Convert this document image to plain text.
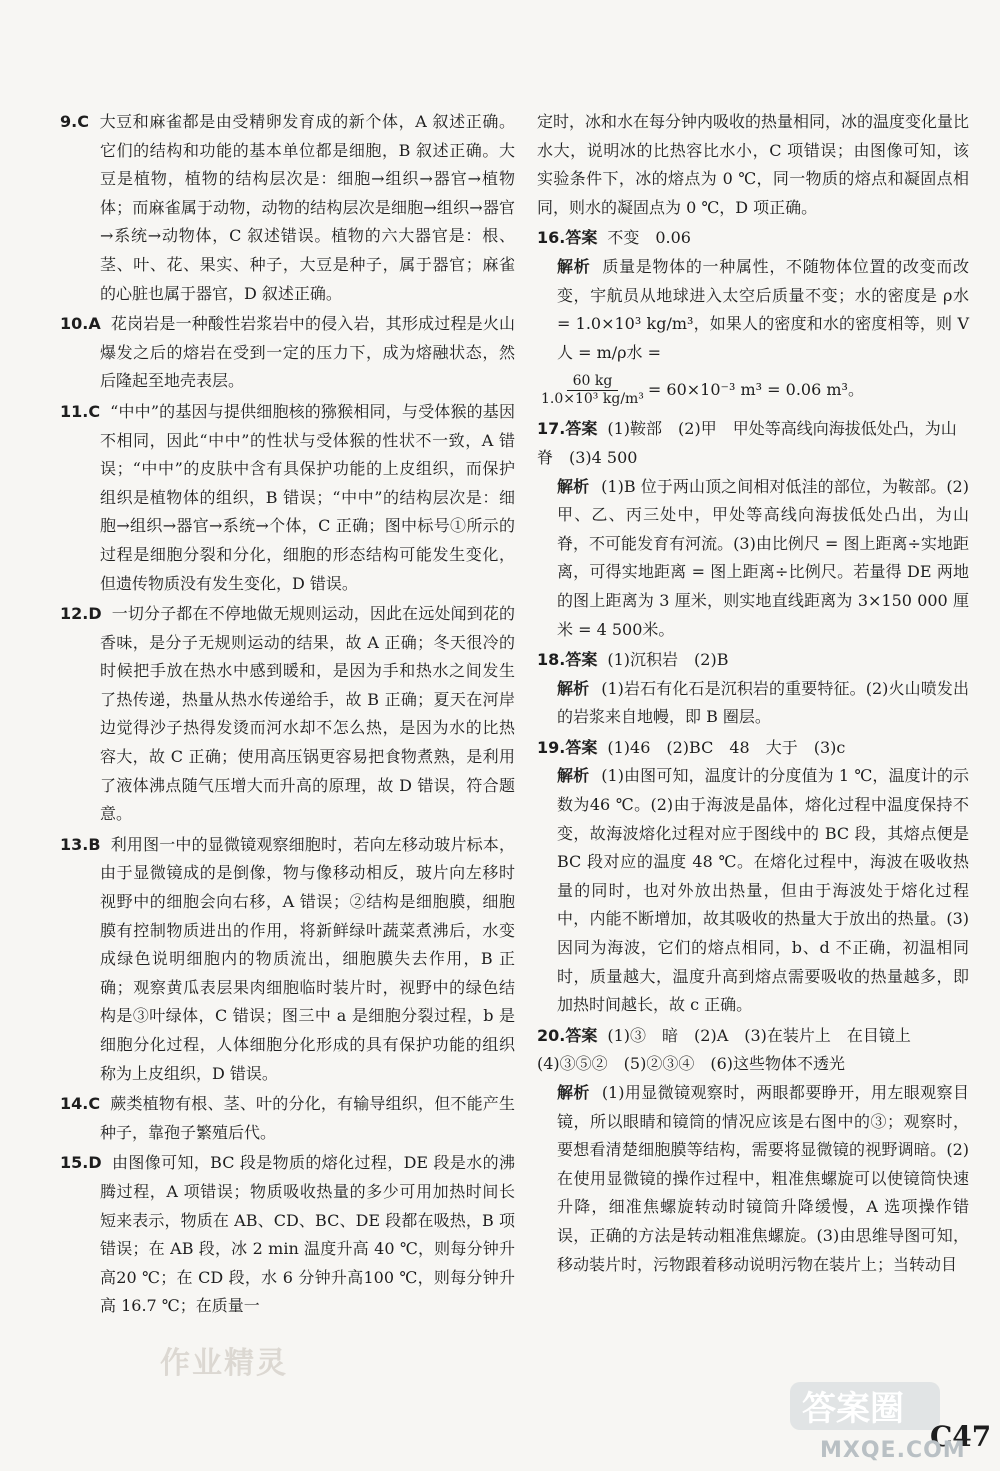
9.C 大豆和麻雀都是由受精卵发育成的新个体，A 叙述正确。它们的结构和功能的基本单位都是细胞，B 叙述正确。大豆是植物，植物的结构层次是：细胞→组织→器官→植物体；而麻雀属于动物，动物的结构层次是细胞→组织→器官→系统→动物体，C 叙述错误。植物的六大器官是：根、茎、叶、花、果实、种子，大豆是种子，属于器官；麻雀的心脏也属于器官，D 叙述正确。
10.A 花岗岩是一种酸性岩浆岩中的侵入岩，其形成过程是火山爆发之后的熔岩在受到一定的压力下，成为熔融状态，然后隆起至地壳表层。
11.C “中中”的基因与提供细胞核的猕猴相同，与受体猴的基因不相同，因此“中中”的性状与受体猴的性状不一致，A 错误；“中中”的皮肤中含有具保护功能的上皮组织，而保护组织是植物体的组织，B 错误；“中中”的结构层次是：细胞→组织→器官→系统→个体，C 正确；图中标号①所示的过程是细胞分裂和分化，细胞的形态结构可能发生变化，但遗传物质没有发生变化，D 错误。
12.D 一切分子都在不停地做无规则运动，因此在远处闻到花的香味，是分子无规则运动的结果，故 A 正确；冬天很冷的时候把手放在热水中感到暖和，是因为手和热水之间发生了热传递，热量从热水传递给手，故 B 正确；夏天在河岸边觉得沙子热得发烫而河水却不怎么热，是因为水的比热容大，故 C 正确；使用高压锅更容易把食物煮熟，是利用了液体沸点随气压增大而升高的原理，故 D 错误，符合题意。
13.B 利用图一中的显微镜观察细胞时，若向左移动玻片标本，由于显微镜成的是倒像，物与像移动相反，玻片向左移时视野中的细胞会向右移，A 错误；②结构是细胞膜，细胞膜有控制物质进出的作用，将新鲜绿叶蔬菜煮沸后，水变成绿色说明细胞内的物质流出，细胞膜失去作用，B 正确；观察黄瓜表层果肉细胞临时装片时，视野中的绿色结构是③叶绿体，C 错误；图三中 a 是细胞分裂过程，b 是细胞分化过程，人体细胞分化形成的具有保护功能的组织称为上皮组织，D 错误。
14.C 蕨类植物有根、茎、叶的分化，有输导组织，但不能产生种子，靠孢子繁殖后代。
15.D 由图像可知，BC 段是物质的熔化过程，DE 段是水的沸腾过程，A 项错误；物质吸收热量的多少可用加热时间长短来表示，物质在 AB、CD、BC、DE 段都在吸热，B 项错误；在 AB 段，冰 2 min 温度升高 40 ℃，则每分钟升高20 ℃；在 CD 段，水 6 分钟升高100 ℃，则每分钟升高 16.7 ℃；在质量一
定时，冰和水在每分钟内吸收的热量相同，冰的温度变化量比水大，说明冰的比热容比水小，C 项错误；由图像可知，该实验条件下，冰的熔点为 0 ℃，同一物质的熔点和凝固点相同，则水的凝固点为 0 ℃，D 项正确。
16.答案 不变　0.06
解析 质量是物体的一种属性，不随物体位置的改变而改变，宇航员从地球进入太空后质量不变；水的密度是 ρ水 = 1.0×10³ kg/m³，如果人的密度和水的密度相等，则 V人 = m/ρ水 =
$\frac{60 kg}{\text{1.0×10³ kg/m³}} = 60\times 10^{-3}$ m³ = 0.06 m³。
17.答案 (1)鞍部　(2)甲　甲处等高线向海拔低处凸，为山脊　(3)4 500
解析 (1)B 位于两山顶之间相对低洼的部位，为鞍部。(2)甲、乙、丙三处中，甲处等高线向海拔低处凸出，为山脊，不可能发育有河流。(3)由比例尺 = 图上距离÷实地距离，可得实地距离 = 图上距离÷比例尺。若量得 DE 两地的图上距离为 3 厘米，则实地直线距离为 3×150 000 厘米 = 4 500米。
18.答案 (1)沉积岩　(2)B
解析 (1)岩石有化石是沉积岩的重要特征。(2)火山喷发出的岩浆来自地幔，即 B 圈层。
19.答案 (1)46　(2)BC　48　大于　(3)c
解析 (1)由图可知，温度计的分度值为 1 ℃，温度计的示数为46 ℃。(2)由于海波是晶体，熔化过程中温度保持不变，故海波熔化过程对应于图线中的 BC 段，其熔点便是 BC 段对应的温度 48 ℃。在熔化过程中，海波在吸收热量的同时，也对外放出热量，但由于海波处于熔化过程中，内能不断增加，故其吸收的热量大于放出的热量。(3)因同为海波，它们的熔点相同，b、d 不正确，初温相同时，质量越大，温度升高到熔点需要吸收的热量越多，即加热时间越长，故 c 正确。
20.答案 (1)③　暗　(2)A　(3)在装片上　在目镜上　(4)③⑤②　(5)②③④　(6)这些物体不透光
解析 (1)用显微镜观察时，两眼都要睁开，用左眼观察目镜，所以眼睛和镜筒的情况应该是右图中的③；观察时，要想看清楚细胞膜等结构，需要将显微镜的视野调暗。(2)在使用显微镜的操作过程中，粗准焦螺旋可以使镜筒快速升降，细准焦螺旋转动时镜筒升降缓慢，A 选项操作错误，正确的方法是转动粗准焦螺旋。(3)由思维导图可知，移动装片时，污物跟着移动说明污物在装片上；当转动目
作业精灵
答案圈
C47
MXQE.COM
